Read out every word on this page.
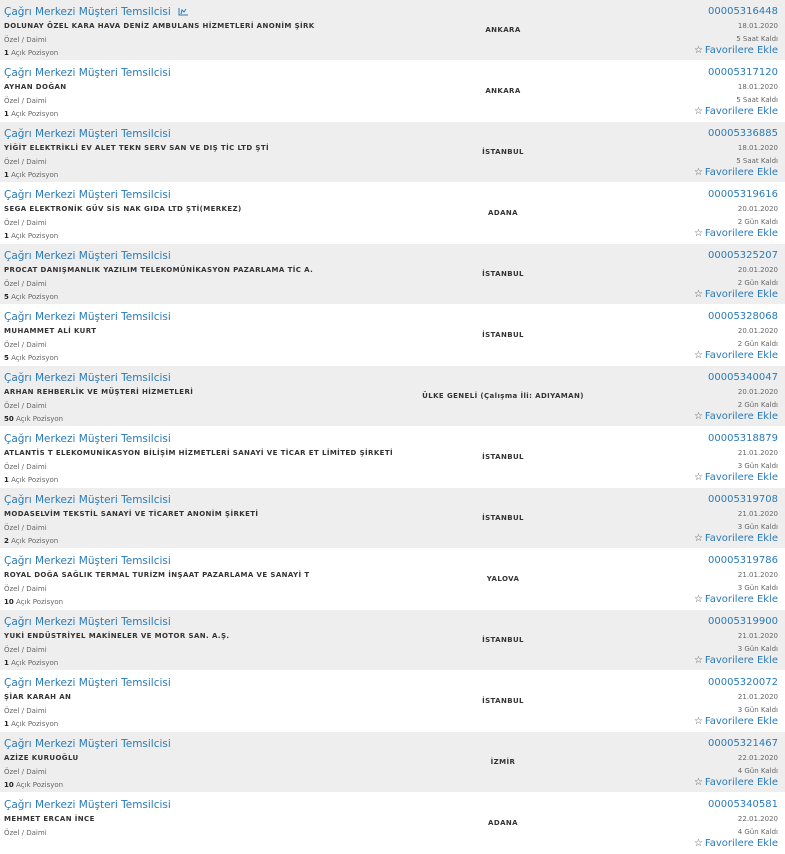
Çağrı Merkezi Müşteri Temsilcisi
DOLUNAY ÖZEL KARA HAVA DENİZ AMBULANS HİZMETLERİ ANONİM ŞİRK
Özel / Daimi
1 Açık Pozisyon
ANKARA
00005316448
18.01.2020
5 Saat Kaldı
☆ Favorilere Ekle
Çağrı Merkezi Müşteri Temsilcisi
AYHAN DOĞAN
Özel / Daimi
1 Açık Pozisyon
ANKARA
00005317120
18.01.2020
5 Saat Kaldı
☆ Favorilere Ekle
Çağrı Merkezi Müşteri Temsilcisi
YİĞİT ELEKTRİKLİ EV ALET TEKN SERV SAN VE DIŞ TİC LTD ŞTİ
Özel / Daimi
1 Açık Pozisyon
İSTANBUL
00005336885
18.01.2020
5 Saat Kaldı
☆ Favorilere Ekle
Çağrı Merkezi Müşteri Temsilcisi
SEGA ELEKTRONİK GÜV SİS NAK GIDA LTD ŞTİ(MERKEZ)
Özel / Daimi
1 Açık Pozisyon
ADANA
00005319616
20.01.2020
2 Gün Kaldı
☆ Favorilere Ekle
Çağrı Merkezi Müşteri Temsilcisi
PROCAT DANIŞMANLIK YAZILIM TELEKOMÜNİKASYON PAZARLAMA TİC A.
Özel / Daimi
5 Açık Pozisyon
İSTANBUL
00005325207
20.01.2020
2 Gün Kaldı
☆ Favorilere Ekle
Çağrı Merkezi Müşteri Temsilcisi
MUHAMMET ALİ KURT
Özel / Daimi
5 Açık Pozisyon
İSTANBUL
00005328068
20.01.2020
2 Gün Kaldı
☆ Favorilere Ekle
Çağrı Merkezi Müşteri Temsilcisi
ARHAN REHBERLİK VE MÜŞTERİ HİZMETLERİ
Özel / Daimi
50 Açık Pozisyon
ÜLKE GENELİ (Çalışma İli: ADIYAMAN)
00005340047
20.01.2020
2 Gün Kaldı
☆ Favorilere Ekle
Çağrı Merkezi Müşteri Temsilcisi
ATLANTİS T ELEKOMUNİKASYON BİLİŞİM HİZMETLERİ SANAYİ VE TİCAR ET LİMİTED ŞİRKETİ
Özel / Daimi
1 Açık Pozisyon
İSTANBUL
00005318879
21.01.2020
3 Gün Kaldı
☆ Favorilere Ekle
Çağrı Merkezi Müşteri Temsilcisi
MODASELVİM TEKSTİL SANAYİ VE TİCARET ANONİM ŞİRKETİ
Özel / Daimi
2 Açık Pozisyon
İSTANBUL
00005319708
21.01.2020
3 Gün Kaldı
☆ Favorilere Ekle
Çağrı Merkezi Müşteri Temsilcisi
ROYAL DOĞA SAĞLIK TERMAL TURİZM İNŞAAT PAZARLAMA VE SANAYİ T
Özel / Daimi
10 Açık Pozisyon
YALOVA
00005319786
21.01.2020
3 Gün Kaldı
☆ Favorilere Ekle
Çağrı Merkezi Müşteri Temsilcisi
YUKİ ENDÜSTRİYEL MAKİNELER VE MOTOR SAN. A.Ş.
Özel / Daimi
1 Açık Pozisyon
İSTANBUL
00005319900
21.01.2020
3 Gün Kaldı
☆ Favorilere Ekle
Çağrı Merkezi Müşteri Temsilcisi
ŞİAR KARAH AN
Özel / Daimi
1 Açık Pozisyon
İSTANBUL
00005320072
21.01.2020
3 Gün Kaldı
☆ Favorilere Ekle
Çağrı Merkezi Müşteri Temsilcisi
AZİZE KURUOĞLU
Özel / Daimi
10 Açık Pozisyon
İZMİR
00005321467
22.01.2020
4 Gün Kaldı
☆ Favorilere Ekle
Çağrı Merkezi Müşteri Temsilcisi
MEHMET ERCAN İNCE
Özel / Daimi
ADANA
00005340581
22.01.2020
4 Gün Kaldı
☆ Favorilere Ekle
